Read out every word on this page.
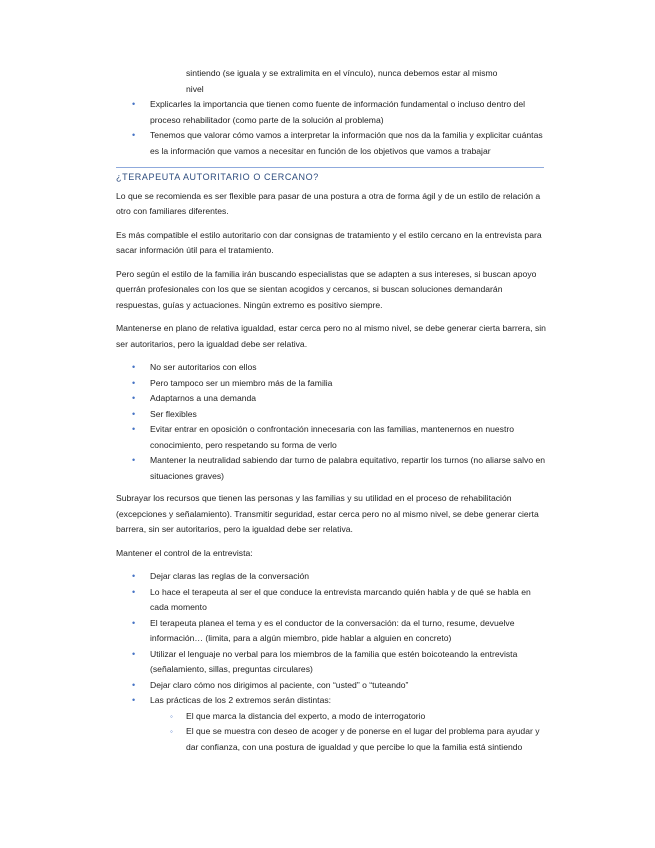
sintiendo (se iguala y se extralimita en el vínculo), nunca debemos estar al mismo
nivel
• Explicarles la importancia que tienen como fuente de información fundamental o incluso dentro del proceso rehabilitador (como parte de la solución al problema)
• Tenemos que valorar cómo vamos a interpretar la información que nos da la familia y explicitar cuántas es la información que vamos a necesitar en función de los objetivos que vamos a trabajar
¿TERAPEUTA AUTORITARIO O CERCANO?

Lo que se recomienda es ser flexible para pasar de una postura a otra de forma ágil y de un estilo de relación a otro con familiares diferentes.

Es más compatible el estilo autoritario con dar consignas de tratamiento y el estilo cercano en la entrevista para sacar información útil para el tratamiento.

Pero según el estilo de la familia irán buscando especialistas que se adapten a sus intereses, si buscan apoyo querrán profesionales con los que se sientan acogidos y cercanos, si buscan soluciones demandarán respuestas, guías y actuaciones. Ningún extremo es positivo siempre.

Mantenerse en plano de relativa igualdad, estar cerca pero no al mismo nivel, se debe generar cierta barrera, sin ser autoritarios, pero la igualdad debe ser relativa.

• No ser autoritarios con ellos
• Pero tampoco ser un miembro más de la familia
• Adaptarnos a una demanda
• Ser flexibles
• Evitar entrar en oposición o confrontación innecesaria con las familias, mantenernos en nuestro conocimiento, pero respetando su forma de verlo
• Mantener la neutralidad sabiendo dar turno de palabra equitativo, repartir los turnos (no aliarse salvo en situaciones graves)

Subrayar los recursos que tienen las personas y las familias y su utilidad en el proceso de rehabilitación (excepciones y señalamiento). Transmitir seguridad, estar cerca pero no al mismo nivel, se debe generar cierta barrera, sin ser autoritarios, pero la igualdad debe ser relativa.

Mantener el control de la entrevista:

• Dejar claras las reglas de la conversación
• Lo hace el terapeuta al ser el que conduce la entrevista marcando quién habla y de qué se habla en cada momento
• El terapeuta planea el tema y es el conductor de la conversación: da el turno, resume, devuelve información… (limita, para a algún miembro, pide hablar a alguien en concreto)
• Utilizar el lenguaje no verbal para los miembros de la familia que estén boicoteando la entrevista (señalamiento, sillas, preguntas circulares)
• Dejar claro cómo nos dirigimos al paciente, con “usted” o “tuteando”
• Las prácticas de los 2 extremos serán distintas:
◦ El que marca la distancia del experto, a modo de interrogatorio
◦ El que se muestra con deseo de acoger y de ponerse en el lugar del problema para ayudar y dar confianza, con una postura de igualdad y que percibe lo que la familia está sintiendo
